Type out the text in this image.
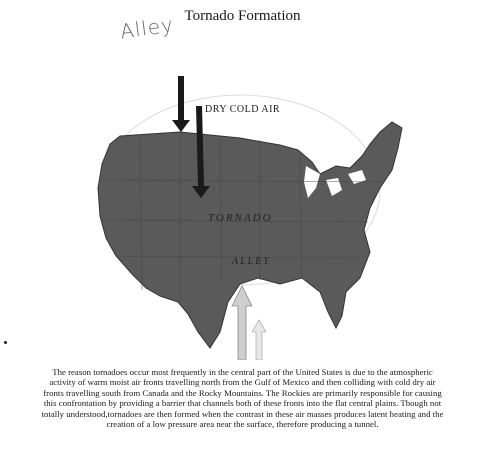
Tornado Formation
Alley
DRY COLD AIR
TORNADO
ALLEY
The reason tornadoes occur most frequently in the central part of the United States is due to the atmospheric activity of warm moist air fronts travelling north from the Gulf of Mexico and then colliding with cold dry air fronts travelling south from Canada and the Rocky Mountains. The Rockies are primarily responsible for causing this confrontation by providing a barrier that channels both of these fronts into the flat central plains. Though not totally understood,tornadoes are then formed when the contrast in these air masses produces latent heating and the creation of a low pressure area near the surface, therefore producing a tunnel.
